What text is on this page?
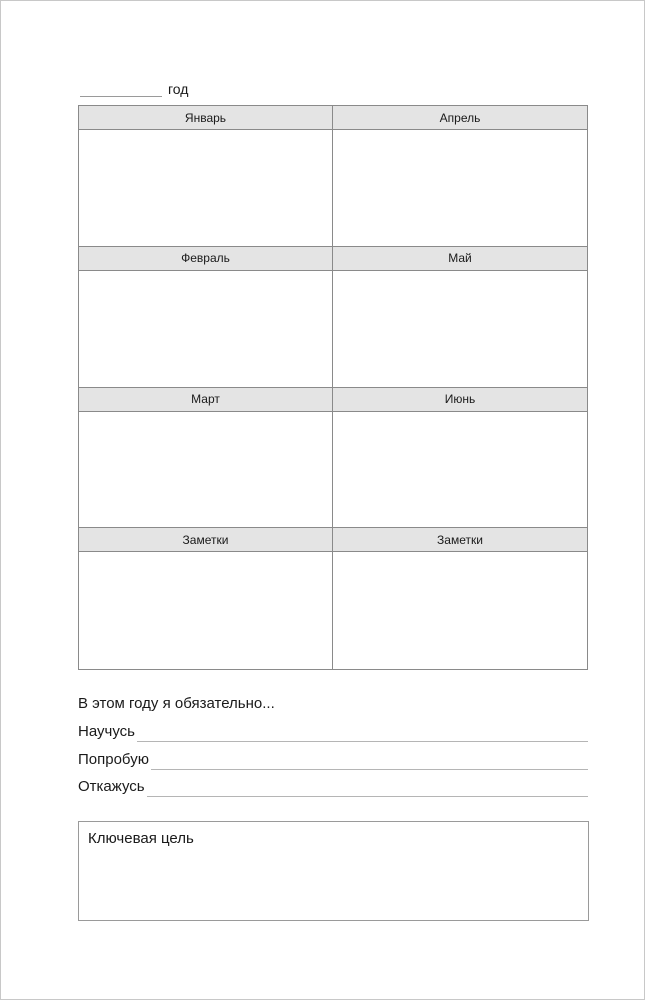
год
Январь	Апрель
Февраль	Май
Март	Июнь
Заметки	Заметки
В этом году я обязательно...
Научусь
Попробую
Откажусь
Ключевая цель
